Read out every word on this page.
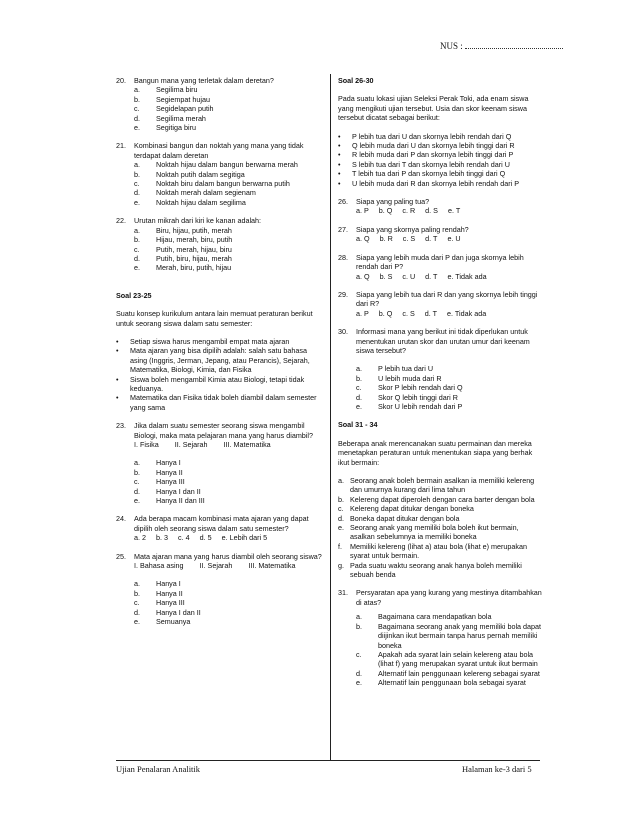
NUS :
20.	Bangun mana yang terletak dalam deretan?
a.	Segilima biru
b.	Segiempat hujau
c.	Segidelapan putih
d.	Segilima merah
e.	Segitiga biru
21.	Kombinasi bangun dan noktah yang mana yang tidak terdapat dalam deretan
a.	Noktah hijau dalam bangun berwarna merah
b.	Noktah putih dalam segitiga
c.	Noktah biru dalam bangun berwarna putih
d.	Noktah merah dalam segienam
e.	Noktah hijau dalam segilima
22.	Urutan mikrah dari kiri ke kanan adalah:
a.	Biru, hijau, putih, merah
b.	Hijau, merah, biru, putih
c.	Putih, merah, hijau, biru
d.	Putih, biru, hijau, merah
e.	Merah, biru, putih, hijau
Soal 23-25
Suatu konsep kurikulum antara lain memuat peraturan berikut untuk seorang siswa dalam satu semester:
•	Setiap siswa harus mengambil empat mata ajaran
•	Mata ajaran yang bisa dipilih adalah: salah satu bahasa asing (Inggris, Jerman, Jepang, atau Perancis), Sejarah, Matematika, Biologi, Kimia, dan Fisika
•	Siswa boleh mengambil Kimia atau Biologi, tetapi tidak keduanya.
•	Matematika dan Fisika tidak boleh diambil dalam semester yang sama
23.	Jika dalam suatu semester seorang siswa mengambil Biologi, maka mata pelajaran mana yang harus diambil?
I. Fisika II. Sejarah III. Matematika
a.	Hanya I
b.	Hanya II
c.	Hanya III
d.	Hanya I dan II
e.	Hanya II dan III
24.	Ada berapa macam kombinasi mata ajaran yang dapat dipilih oleh seorang siswa dalam satu semester?
a. 2 b. 3 c. 4 d. 5 e. Lebih dari 5
25.	Mata ajaran mana yang harus diambil oleh seorang siswa?
I. Bahasa asing II. Sejarah III. Matematika
a.	Hanya I
b.	Hanya II
c.	Hanya III
d.	Hanya I dan II
e.	Semuanya
Soal 26-30
Pada suatu lokasi ujian Seleksi Perak Toki, ada enam siswa yang mengikuti ujian tersebut. Usia dan skor keenam siswa tersebut dicatat sebagai berikut:
•	P lebih tua dari U dan skornya lebih rendah dari Q
•	Q lebih muda dari U dan skornya lebih tinggi dari R
•	R lebih muda dari P dan skornya lebih tinggi dari P
•	S lebih tua dari T dan skornya lebih rendah dari U
•	T lebih tua dari P dan skornya lebih tinggi dari Q
•	U lebih muda dari R dan skornya lebih rendah dari P
26.	Siapa yang paling tua?
a. P b. Q c. R d. S e. T
27.	Siapa yang skornya paling rendah?
a. Q b. R c. S d. T e. U
28.	Siapa yang lebih muda dari P dan juga skornya lebih rendah dari P?
a. Q b. S c. U d. T e. Tidak ada
29.	Siapa yang lebih tua dari R dan yang skornya lebih tinggi dari R?
a. P b. Q c. S d. T e. Tidak ada
30.	Informasi mana yang berikut ini tidak diperlukan untuk menentukan urutan skor dan urutan umur dari keenam siswa tersebut?
a.	P lebih tua dari U
b.	U lebih muda dari R
c.	Skor P lebih rendah dari Q
d.	Skor Q lebih tinggi dari R
e.	Skor U lebih rendah dari P
Soal 31 - 34
Beberapa anak merencanakan suatu permainan dan mereka menetapkan peraturan untuk menentukan siapa yang berhak ikut bermain:
a. Seorang anak boleh bermain asalkan ia memiliki kelereng dan umurnya kurang dari lima tahun
b. Kelereng dapat diperoleh dengan cara barter dengan bola
c. Kelereng dapat ditukar dengan boneka
d. Boneka dapat ditukar dengan bola
e. Seorang anak yang memiliki bola boleh ikut bermain, asalkan sebelumnya ia memiliki boneka
f.	Memiliki kelereng (lihat a) atau bola (lihat e) merupakan syarat untuk bermain.
g. Pada suatu waktu seorang anak hanya boleh memiliki sebuah benda
31.	Persyaratan apa yang kurang yang mestinya ditambahkan di atas?
a.	Bagaimana cara mendapatkan bola
b.	Bagaimana seorang anak yang memiliki bola dapat diijinkan ikut bermain tanpa harus pernah memiliki boneka
c.	Apakah ada syarat lain selain kelereng atau bola (lihat f) yang merupakan syarat untuk ikut bermain
d.	Alternatif lain penggunaan kelereng sebagai syarat
e.	Alternatif lain penggunaan bola sebagai syarat
Ujian Penalaran Analitik	Halaman ke-3 dari 5
